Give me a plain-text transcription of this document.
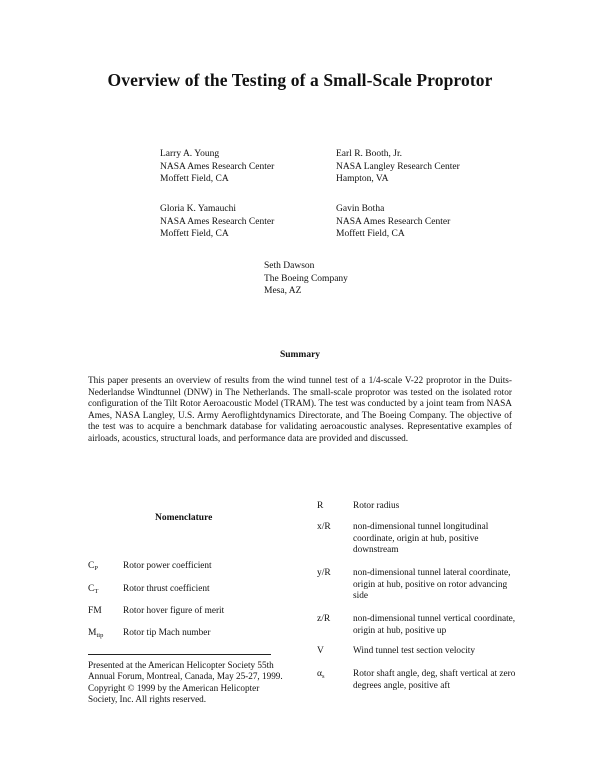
Overview of the Testing of a Small-Scale Proprotor
Larry A. Young
NASA Ames Research Center
Moffett Field, CA
Earl R. Booth, Jr.
NASA Langley Research Center
Hampton, VA
Gloria K. Yamauchi
NASA Ames Research Center
Moffett Field, CA
Gavin Botha
NASA Ames Research Center
Moffett Field, CA
Seth Dawson
The Boeing Company
Mesa, AZ
Summary
This paper presents an overview of results from the wind tunnel test of a 1/4-scale V-22 proprotor in the Duits-Nederlandse Windtunnel (DNW) in The Netherlands. The small-scale proprotor was tested on the isolated rotor configuration of the Tilt Rotor Aeroacoustic Model (TRAM). The test was conducted by a joint team from NASA Ames, NASA Langley, U.S. Army Aeroflightdynamics Directorate, and The Boeing Company. The objective of the test was to acquire a benchmark database for validating aeroacoustic analyses. Representative examples of airloads, acoustics, structural loads, and performance data are provided and discussed.
Nomenclature
$C_P$	Rotor power coefficient
$C_T$	Rotor thrust coefficient
FM Rotor hover figure of merit
$M_{tip}$ Rotor tip Mach number
Presented at the American Helicopter Society 55th Annual Forum, Montreal, Canada, May 25-27, 1999. Copyright © 1999 by the American Helicopter Society, Inc. All rights reserved.
R	Rotor radius
x/R non-dimensional tunnel longitudinal coordinate, origin at hub, positive downstream
y/R non-dimensional tunnel lateral coordinate, origin at hub, positive on rotor advancing side
z/R non-dimensional tunnel vertical coordinate, origin at hub, positive up
V	Wind tunnel test section velocity
$\alpha_s$	Rotor shaft angle, deg, shaft vertical at zero degrees angle, positive aft
